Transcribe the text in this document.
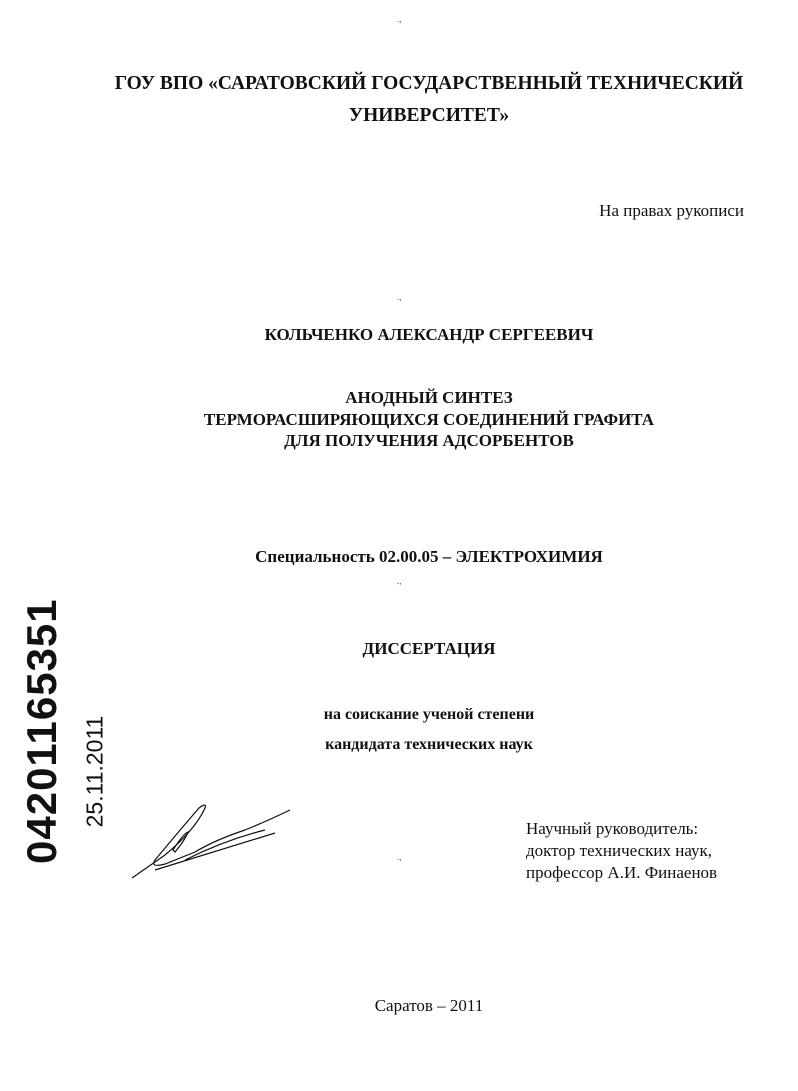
ГОУ ВПО «САРАТОВСКИЙ ГОСУДАРСТВЕННЫЙ ТЕХНИЧЕСКИЙ
УНИВЕРСИТЕТ»
.,
На правах рукописи
.,
КОЛЬЧЕНКО АЛЕКСАНДР СЕРГЕЕВИЧ
АНОДНЫЙ СИНТЕЗ
ТЕРМОРАСШИРЯЮЩИХСЯ СОЕДИНЕНИЙ ГРАФИТА
ДЛЯ ПОЛУЧЕНИЯ АДСОРБЕНТОВ
Специальность 02.00.05 – ЭЛЕКТРОХИМИЯ
.,
ДИССЕРТАЦИЯ
на соискание ученой степени
кандидата технических наук
Научный руководитель:
доктор технических наук,
профессор А.И. Финаенов
.,
04201165351 25.11.2011
Саратов – 2011
